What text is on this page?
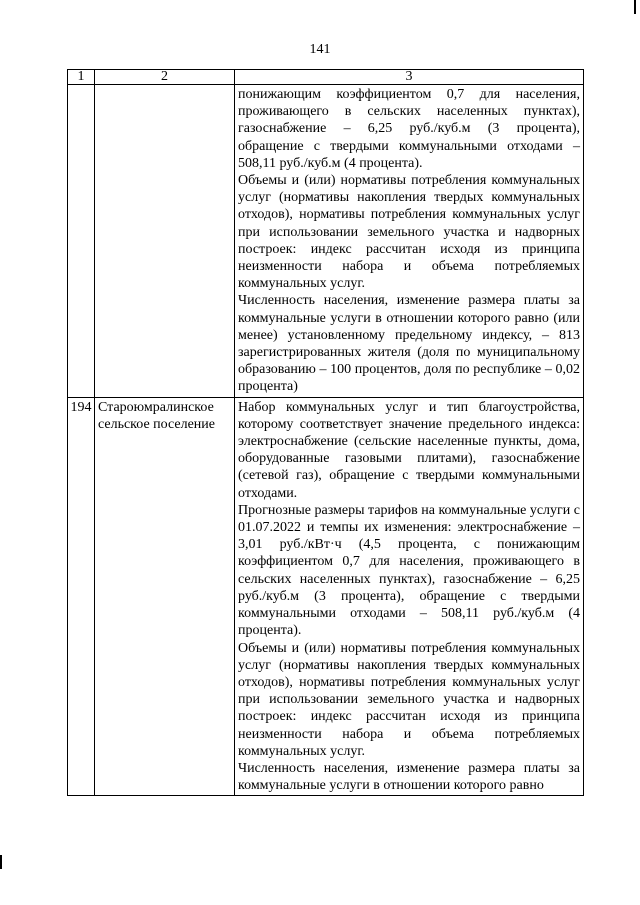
141
1	2	3

		понижающим коэффициентом 0,7 для населения, проживающего в сельских населенных пунктах), газоснабжение – 6,25 руб./куб.м (3 процента), обращение с твердыми коммунальными отходами – 508,11 руб./куб.м (4 процента).

Объемы и (или) нормативы потребления коммунальных услуг (нормативы накопления твердых коммунальных отходов), нормативы потребления коммунальных услуг при использовании земельного участка и надворных построек: индекс рассчитан исходя из принципа неизменности набора и объема потребляемых коммунальных услуг.

Численность населения, изменение размера платы за коммунальные услуги в отношении которого равно (или менее) установленному предельному индексу, – 813 зарегистрированных жителя (доля по муниципальному образованию – 100 процентов, доля по республике – 0,02 процента)

194	Староюмралинское сельское поселение	Набор коммунальных услуг и тип благоустройства, которому соответствует значение предельного индекса: электроснабжение (сельские населенные пункты, дома, оборудованные газовыми плитами), газоснабжение (сетевой газ), обращение с твердыми коммунальными отходами.

Прогнозные размеры тарифов на коммунальные услуги с 01.07.2022 и темпы их изменения: электроснабжение – 3,01 руб./кВт·ч (4,5 процента, с понижающим коэффициентом 0,7 для населения, проживающего в сельских населенных пунктах), газоснабжение – 6,25 руб./куб.м (3 процента), обращение с твердыми коммунальными отходами – 508,11 руб./куб.м (4 процента).

Объемы и (или) нормативы потребления коммунальных услуг (нормативы накопления твердых коммунальных отходов), нормативы потребления коммунальных услуг при использовании земельного участка и надворных построек: индекс рассчитан исходя из принципа неизменности набора и объема потребляемых коммунальных услуг.

Численность населения, изменение размера платы за коммунальные услуги в отношении которого равно
